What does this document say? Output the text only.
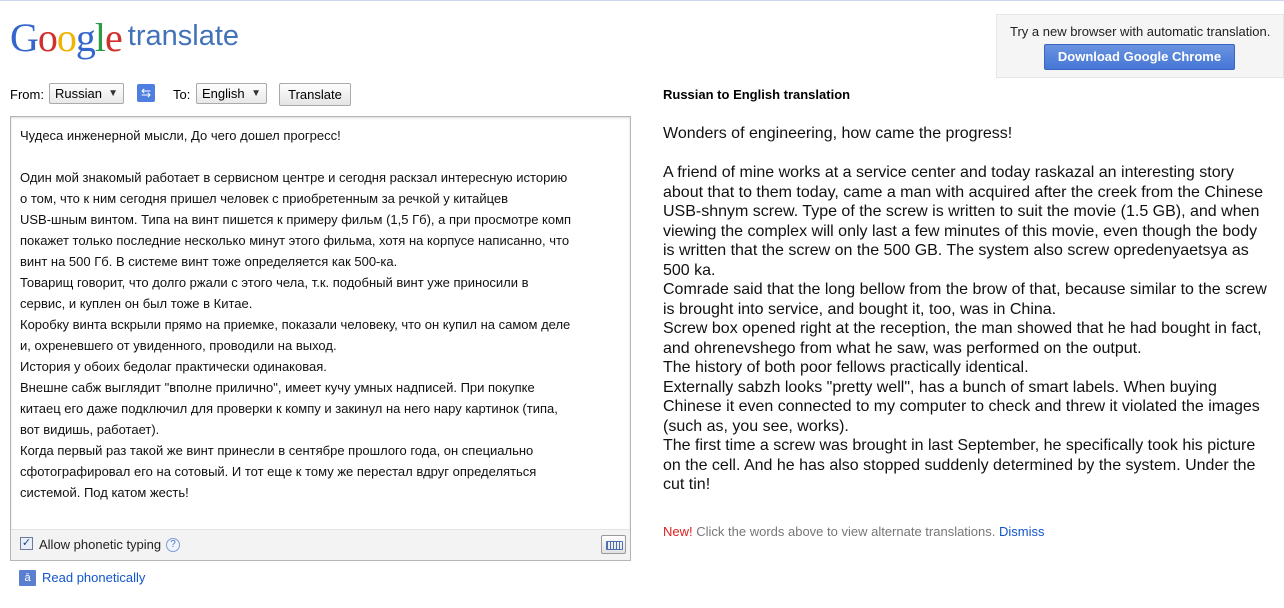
Google translate	Try a new browser with automatic translation.
Download Google Chrome
From: Russian ▼	⇆	To: English ▼	Translate
Чудеса инженерной мысли, До чего дошел прогресс!
Один мой знакомый работает в сервисном центре и сегодня раскзал интересную историю
о том, что к ним сегодня пришел человек с приобретенным за речкой у китайцев
USB-шным винтом. Типа на винт пишется к примеру фильм (1,5 Гб), а при просмотре комп
покажет только последние несколько минут этого фильма, хотя на корпусе написанно, что
винт на 500 Гб. В системе винт тоже определяется как 500-ка.
Товарищ говорит, что долго ржали с этого чела, т.к. подобный винт уже приносили в
сервис, и куплен он был тоже в Китае.
Коробку винта вскрыли прямо на приемке, показали человеку, что он купил на самом деле
и, охреневшего от увиденного, проводили на выход.
История у обоих бедолаг практически одинаковая.
Внешне сабж выглядит "вполне прилично", имеет кучу умных надписей. При покупке
китаец его даже подключил для проверки к компу и закинул на него нару картинок (типа,
вот видишь, работает).
Когда первый раз такой же винт принесли в сентябре прошлого года, он специально
сфотографировал его на сотовый. И тот еще к тому же перестал вдруг определяться
системой. Под катом жесть!
✓ Allow phonetic typing ?
ā Read phonetically
Russian to English translation
Wonders of engineering, how came the progress!
A friend of mine works at a service center and today raskazal an interesting story about that to them today, came a man with acquired after the creek from the Chinese USB-shnym screw. Type of the screw is written to suit the movie (1.5 GB), and when viewing the complex will only last a few minutes of this movie, even though the body is written that the screw on the 500 GB. The system also screw opredenyaetsya as 500 ka.
Comrade said that the long bellow from the brow of that, because similar to the screw is brought into service, and bought it, too, was in China.
Screw box opened right at the reception, the man showed that he had bought in fact, and ohrenevshego from what he saw, was performed on the output.
The history of both poor fellows practically identical.
Externally sabzh looks "pretty well", has a bunch of smart labels. When buying Chinese it even connected to my computer to check and threw it violated the images (such as, you see, works).
The first time a screw was brought in last September, he specifically took his picture on the cell. And he has also stopped suddenly determined by the system. Under the cut tin!
New! Click the words above to view alternate translations. Dismiss
